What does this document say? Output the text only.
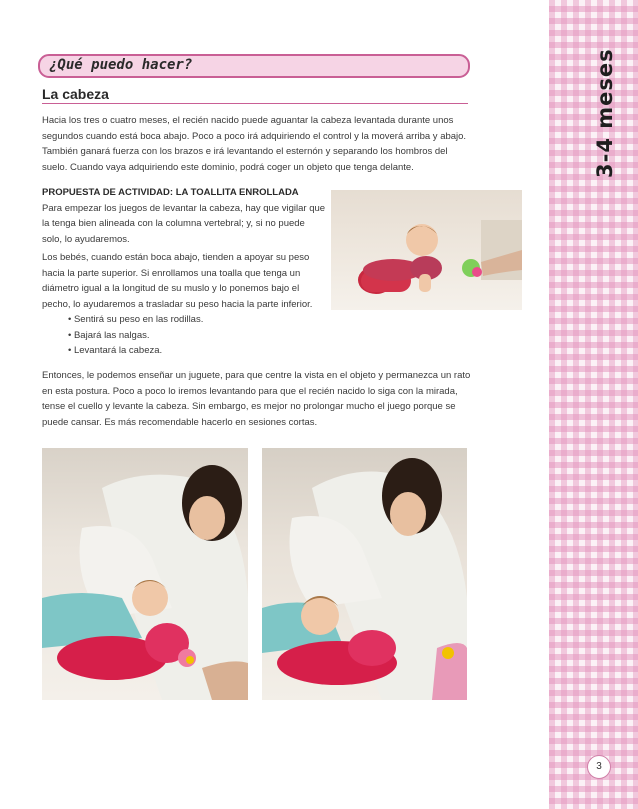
3-4 meses
3
¿Qué puedo hacer?
La cabeza
Hacia los tres o cuatro meses, el recién nacido puede aguantar la cabeza levantada durante unos segundos cuando está boca abajo. Poco a poco irá adquiriendo el control y la moverá arriba y abajo. También ganará fuerza con los brazos e irá levantando el esternón y separando los hombros del suelo. Cuando vaya adquiriendo este dominio, podrá coger un objeto que tenga delante.
PROPUESTA DE ACTIVIDAD: LA TOALLITA ENROLLADA
Para empezar los juegos de levantar la cabeza, hay que vigilar que la tenga bien alineada con la columna vertebral; y, si no puede solo, lo ayudaremos.
Los bebés, cuando están boca abajo, tienden a apoyar su peso hacia la parte superior. Si enrollamos una toalla que tenga un diámetro igual a la longitud de su muslo y lo ponemos bajo el pecho, lo ayudaremos a trasladar su peso hacia la parte inferior.
• Sentirá su peso en las rodillas.
• Bajará las nalgas.
• Levantará la cabeza.
Entonces, le podemos enseñar un juguete, para que centre la vista en el objeto y permanezca un rato en esta postura. Poco a poco lo iremos levantando para que el recién nacido lo siga con la mirada, tense el cuello y levante la cabeza. Sin embargo, es mejor no prolongar mucho el juego porque se puede cansar. Es más recomendable hacerlo en sesiones cortas.
